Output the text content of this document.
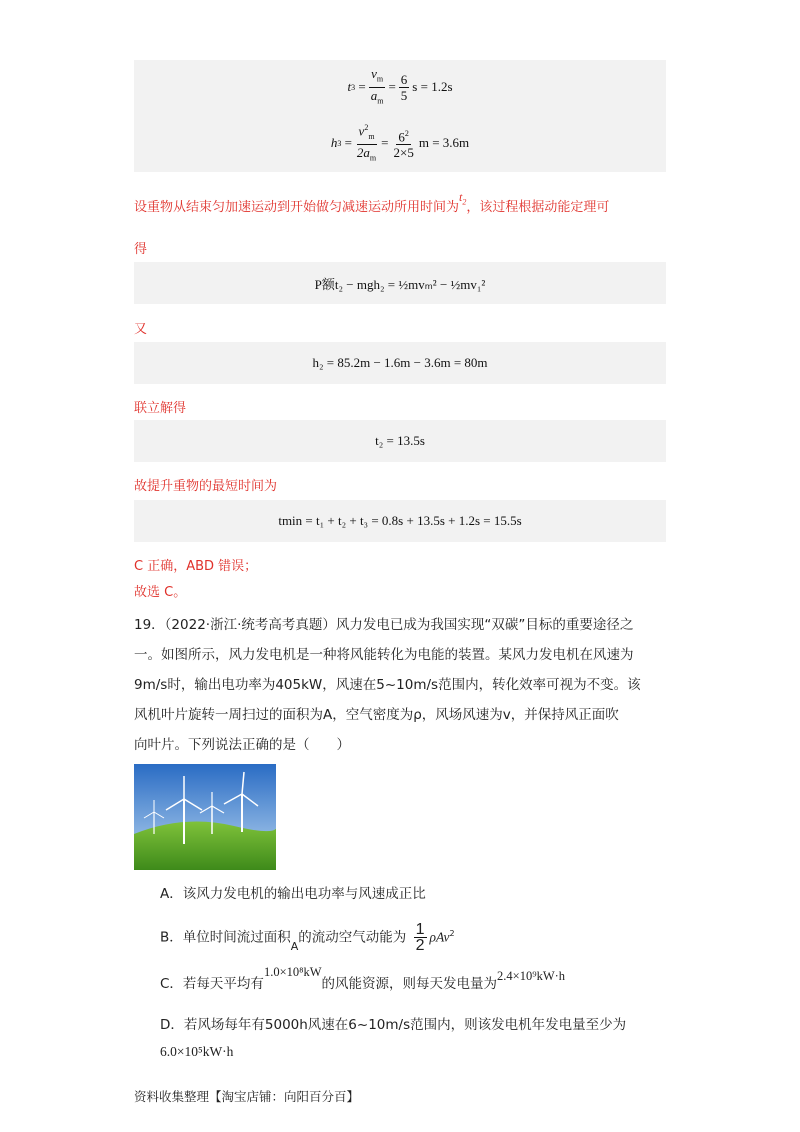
t $3 = \frac{v_m}{a_m} = \frac{6}{5}$ s = 1.2s
h $3 = \frac{v^2_m}{2a_m} = \frac{6^2}{2\times 5}$ m = 3.6m
设重物从结束匀加速运动到开始做匀减速运动所用时间为$t_2$，该过程根据动能定理可
得
P额t₂ − mgh₂ = ½mvₘ² − ½mv₁²
又
h₂ = 85.2m − 1.6m − 3.6m = 80m
联立解得
t₂ = 13.5s
故提升重物的最短时间为
tmin = t₁ + t₂ + t₃ = 0.8s + 13.5s + 1.2s = 15.5s
C 正确，ABD 错误；
故选 C。
19．（2022·浙江·统考高考真题）风力发电已成为我国实现“双碳”目标的重要途径之
一。如图所示，风力发电机是一种将风能转化为电能的装置。某风力发电机在风速为
9m/s时，输出电功率为405kW，风速在5~10m/s范围内，转化效率可视为不变。该
风机叶片旋转一周扫过的面积为A，空气密度为ρ，风场风速为v，并保持风正面吹
向叶片。下列说法正确的是（　　）
A．该风力发电机的输出电功率与风速成正比
B．单位时间流过面积$_A$的流动空气动能为 $\frac{1}{2} \rho Av^2$
C．若每天平均有1.0×10⁸kW的风能资源，则每天发电量为2.4×10⁹kW·h
D．若风场每年有5000h风速在6~10m/s范围内，则该发电机年发电量至少为
6.0×10⁵kW·h
资料收集整理【淘宝店铺：向阳百分百】
